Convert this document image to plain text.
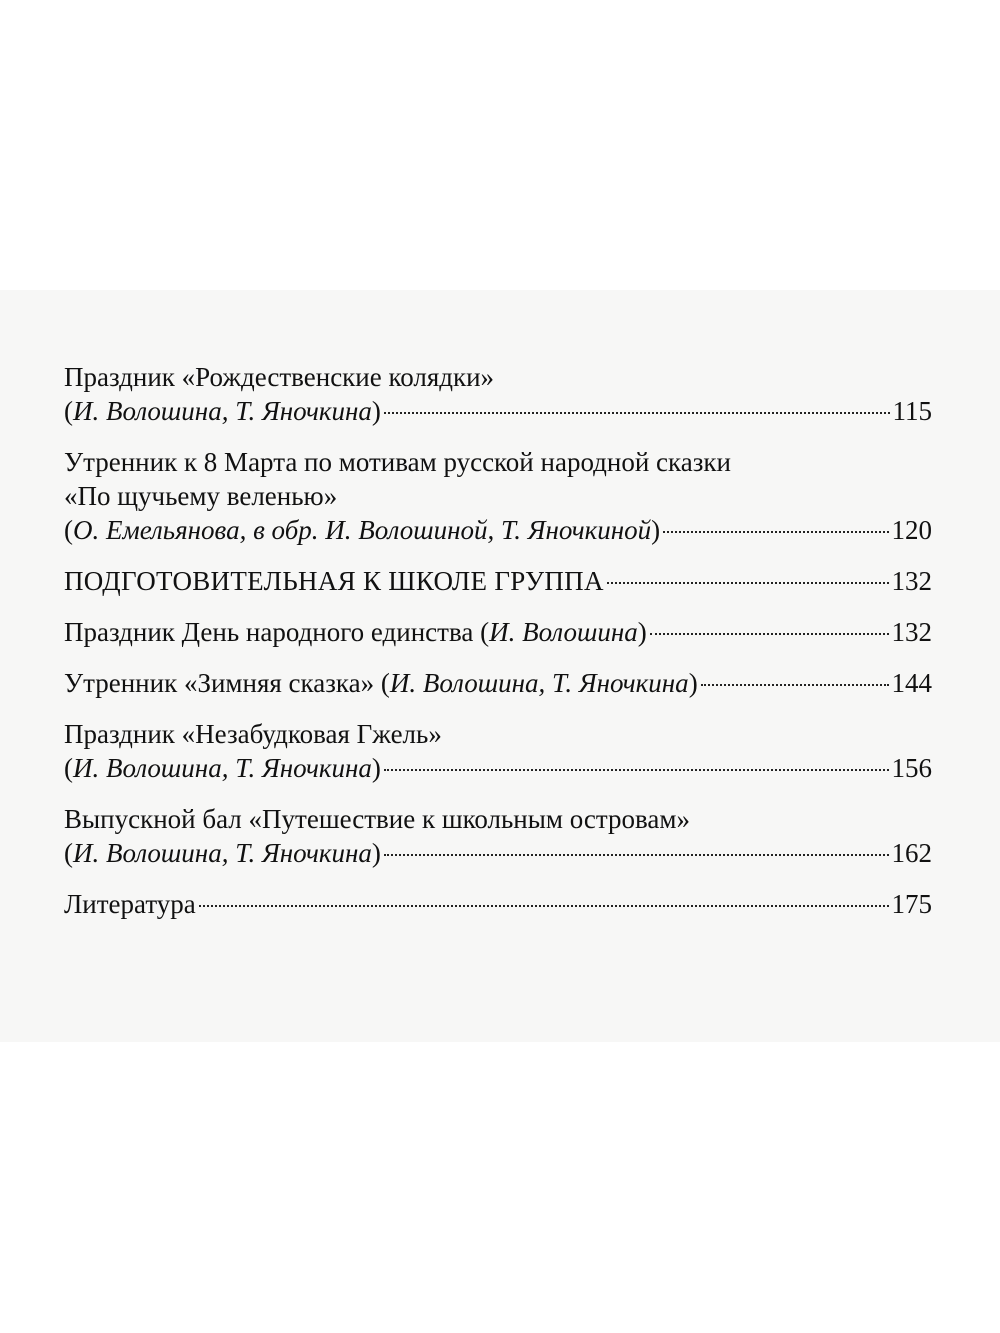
Праздник «Рождественские колядки»
(И. Волошина, Т. Яночкина)	115
Утренник к 8 Марта по мотивам русской народной сказки
«По щучьему веленью»
(О. Емельянова, в обр. И. Волошиной, Т. Яночкиной)	120
ПОДГОТОВИТЕЛЬНАЯ К ШКОЛЕ ГРУППА	132
Праздник День народного единства (И. Волошина)	132
Утренник «Зимняя сказка» (И. Волошина, Т. Яночкина)	144
Праздник «Незабудковая Гжель»
(И. Волошина, Т. Яночкина)	156
Выпускной бал «Путешествие к школьным островам»
(И. Волошина, Т. Яночкина)	162
Литература	175
